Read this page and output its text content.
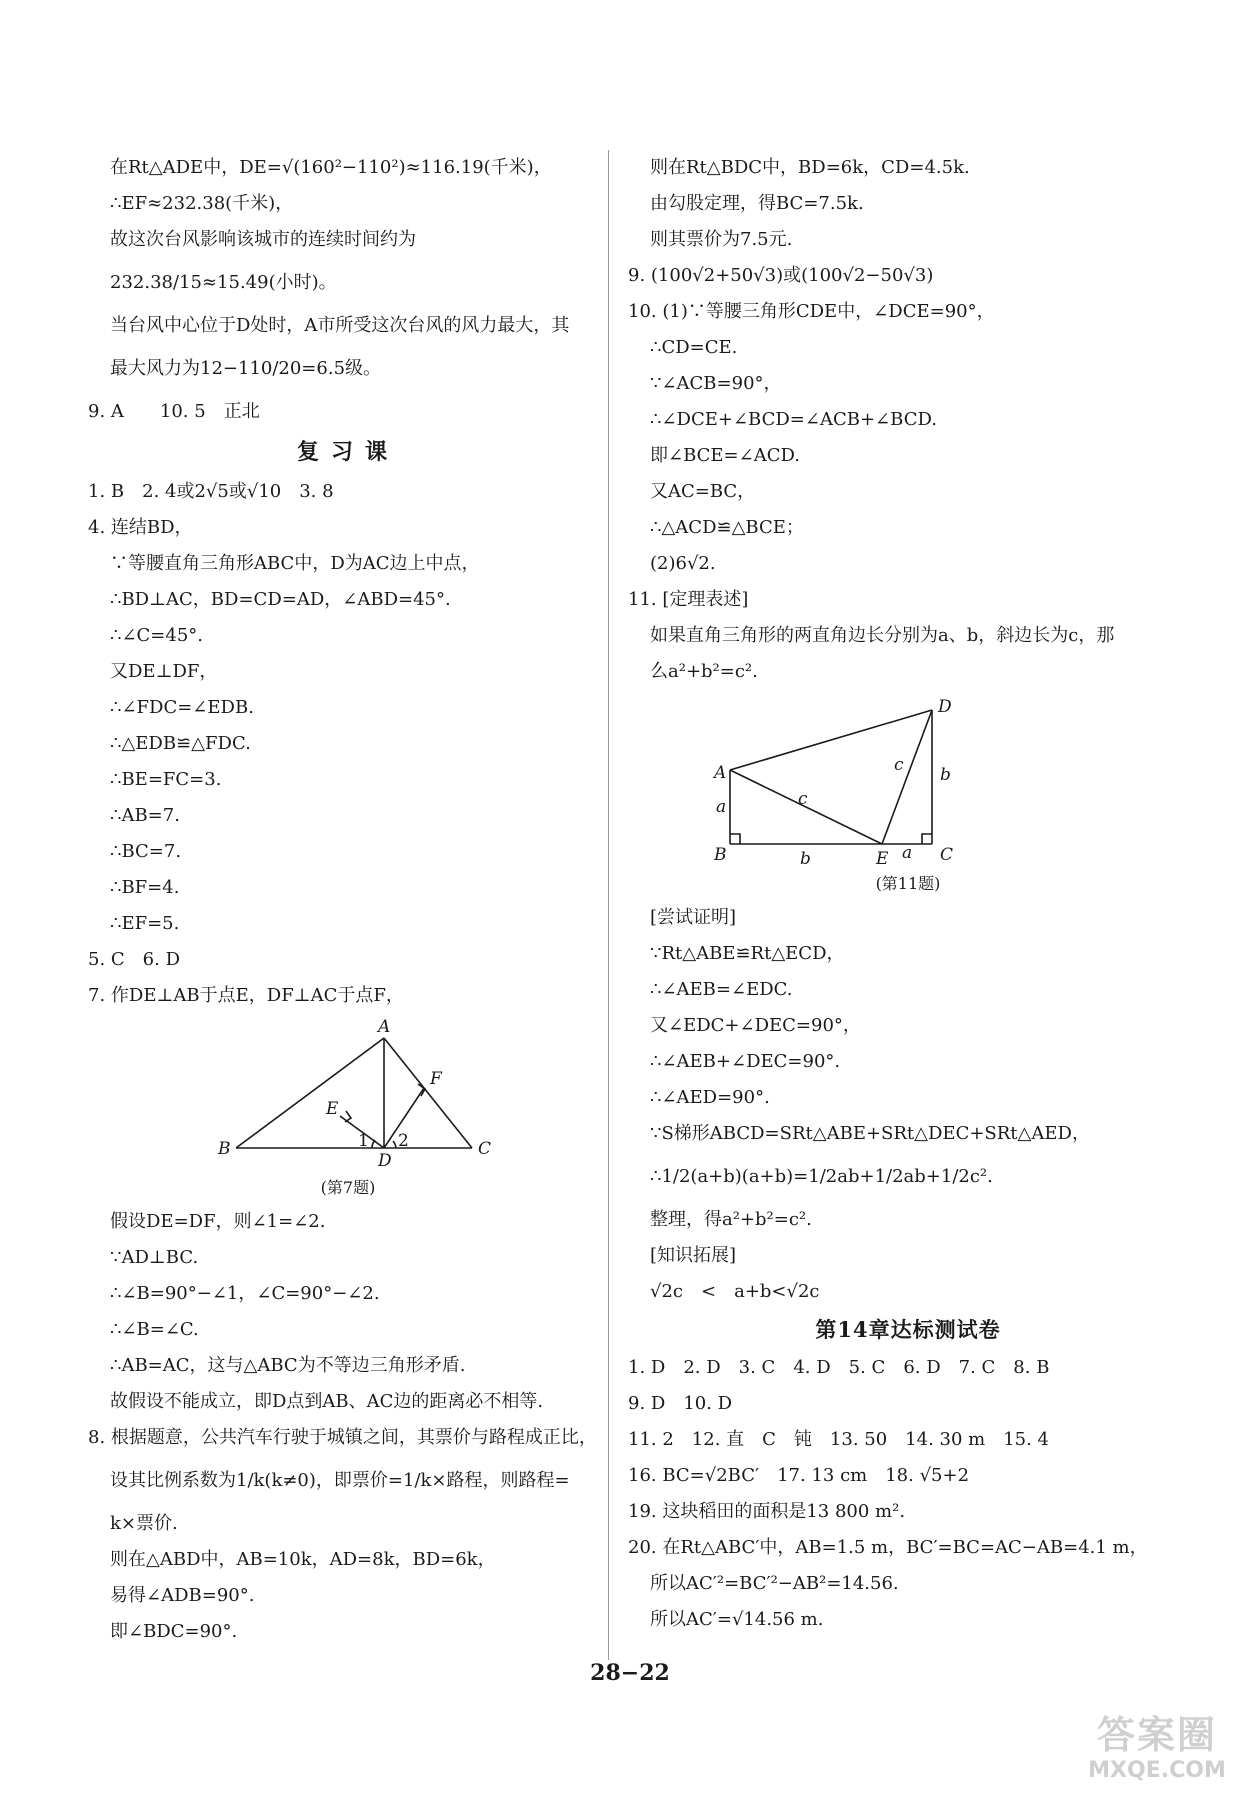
在Rt△ADE中，DE=√(160²−110²)≈116.19(千米)，
∴EF≈232.38(千米)，
故这次台风影响该城市的连续时间约为
232.38/15≈15.49(小时)。
当台风中心位于D处时，A市所受这次台风的风力最大，其
最大风力为12−110/20=6.5级。
9. A　　10. 5　正北
复习课
1. B　2. 4或2√5或√10　3. 8
4. 连结BD，
∵等腰直角三角形ABC中，D为AC边上中点，
∴BD⊥AC，BD=CD=AD，∠ABD=45°.
∴∠C=45°.
又DE⊥DF，
∴∠FDC=∠EDB.
∴△EDB≌△FDC.
∴BE=FC=3.
∴AB=7.
∴BC=7.
∴BF=4.
∴EF=5.
5. C　6. D
7. 作DE⊥AB于点E，DF⊥AC于点F，
A
B	C
D
E
F
1 2
(第7题)
假设DE=DF，则∠1=∠2.
∵AD⊥BC.
∴∠B=90°−∠1，∠C=90°−∠2.
∴∠B=∠C.
∴AB=AC，这与△ABC为不等边三角形矛盾.
故假设不能成立，即D点到AB、AC边的距离必不相等.
8. 根据题意，公共汽车行驶于城镇之间，其票价与路程成正比，
设其比例系数为1/k(k≠0)，即票价=1/k×路程，则路程=
k×票价.
则在△ABD中，AB=10k，AD=8k，BD=6k，
易得∠ADB=90°.
即∠BDC=90°.
则在Rt△BDC中，BD=6k，CD=4.5k.
由勾股定理，得BC=7.5k.
则其票价为7.5元.
9. (100√2+50√3)或(100√2−50√3)
10. (1)∵等腰三角形CDE中，∠DCE=90°，
∴CD=CE.
∵∠ACB=90°，
∴∠DCE+∠BCD=∠ACB+∠BCD.
即∠BCE=∠ACD.
又AC=BC，
∴△ACD≌△BCE；
(2)6√2.
11. [定理表述]
如果直角三角形的两直角边长分别为a、b，斜边长为c，那
么a²+b²=c².
A
B	C
D
E
a
b
c
c b
a
(第11题)
[尝试证明]
∵Rt△ABE≌Rt△ECD，
∴∠AEB=∠EDC.
又∠EDC+∠DEC=90°，
∴∠AEB+∠DEC=90°.
∴∠AED=90°.
∵S梯形ABCD=SRt△ABE+SRt△DEC+SRt△AED，
∴1/2(a+b)(a+b)=1/2ab+1/2ab+1/2c².
整理，得a²+b²=c².
[知识拓展]
√2c　<　a+b<√2c
第14章达标测试卷
1. D　2. D　3. C　4. D　5. C　6. D　7. C　8. B
9. D　10. D
11. 2　12. 直　C　钝　13. 50　14. 30 m　15. 4
16. BC=√2BC′　17. 13 cm　18. √5+2
19. 这块稻田的面积是13 800 m².
20. 在Rt△ABC′中，AB=1.5 m，BC′=BC=AC−AB=4.1 m，
所以AC′²=BC′²−AB²=14.56.
所以AC′=√14.56 m.
28−22
答案圈
MXQE.COM
